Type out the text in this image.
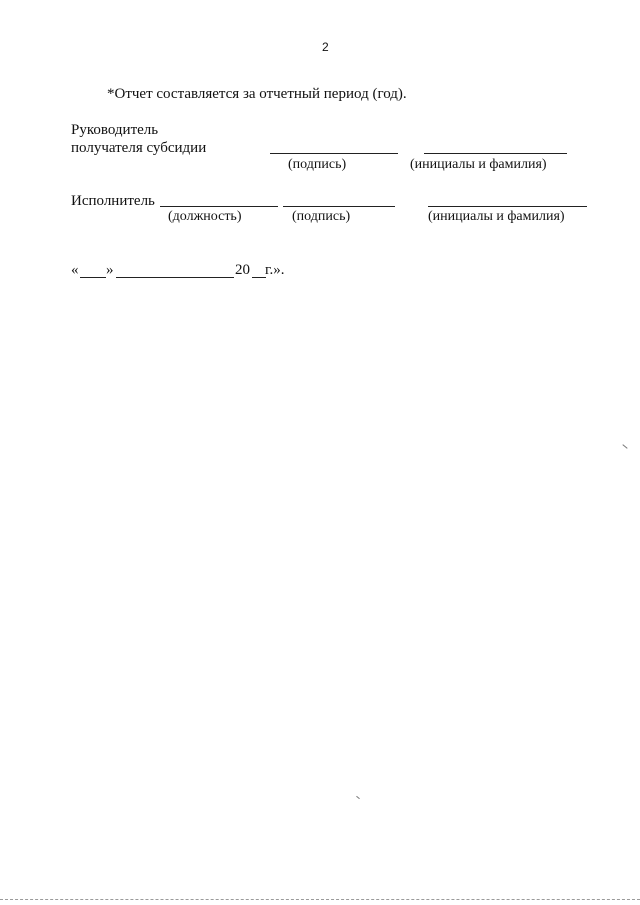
2
*Отчет составляется за отчетный период (год).
Руководитель
получателя субсидии
(подпись)	(инициалы и фамилия)
Исполнитель
(должность)	(подпись)	(инициалы и фамилия)
« »	20 г.».
